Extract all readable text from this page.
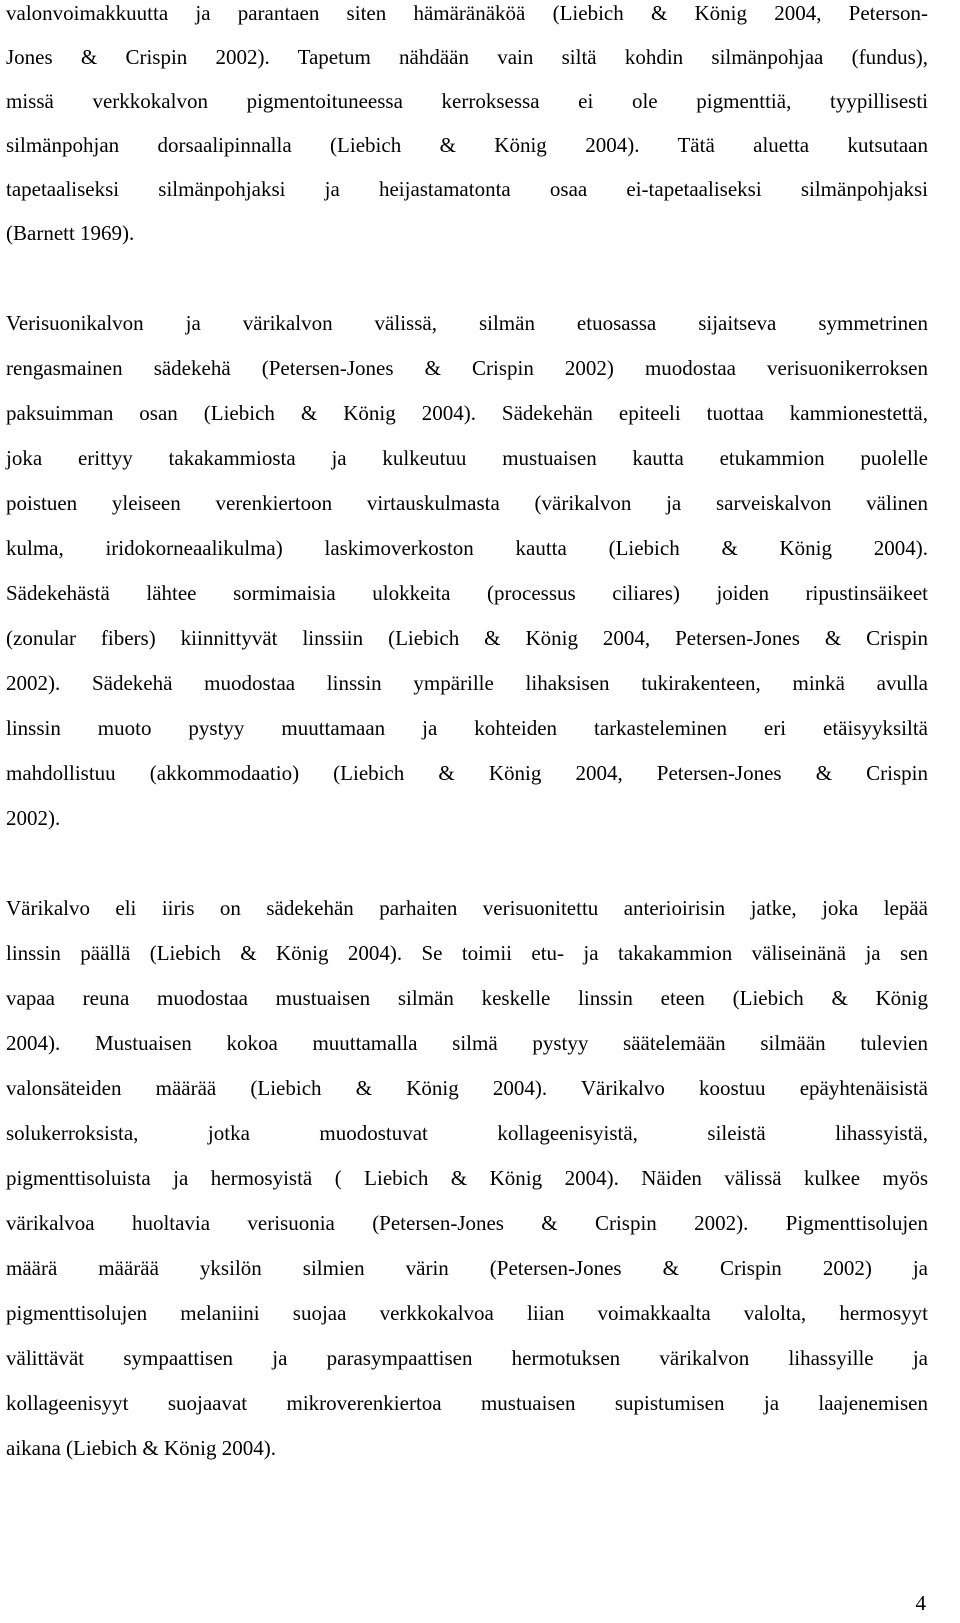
valonvoimakkuutta ja parantaen siten hämäränäköä (Liebich & König 2004, Peterson-
Jones & Crispin 2002). Tapetum nähdään vain siltä kohdin silmänpohjaa (fundus),
missä verkkokalvon pigmentoituneessa kerroksessa ei ole pigmenttiä, tyypillisesti
silmänpohjan dorsaalipinnalla (Liebich & König 2004). Tätä aluetta kutsutaan
tapetaaliseksi silmänpohjaksi ja heijastamatonta osaa ei-tapetaaliseksi silmänpohjaksi
(Barnett 1969).
Verisuonikalvon ja värikalvon välissä, silmän etuosassa sijaitseva symmetrinen
rengasmainen sädekehä (Petersen-Jones & Crispin 2002) muodostaa verisuonikerroksen
paksuimman osan (Liebich & König 2004). Sädekehän epiteeli tuottaa kammionestettä,
joka erittyy takakammiosta ja kulkeutuu mustuaisen kautta etukammion puolelle
poistuen yleiseen verenkiertoon virtauskulmasta (värikalvon ja sarveiskalvon välinen
kulma, iridokorneaalikulma) laskimoverkoston kautta (Liebich & König 2004).
Sädekehästä lähtee sormimaisia ulokkeita (processus ciliares) joiden ripustinsäikeet
(zonular fibers) kiinnittyvät linssiin (Liebich & König 2004, Petersen-Jones & Crispin
2002). Sädekehä muodostaa linssin ympärille lihaksisen tukirakenteen, minkä avulla
linssin muoto pystyy muuttamaan ja kohteiden tarkasteleminen eri etäisyyksiltä
mahdollistuu (akkommodaatio) (Liebich & König 2004, Petersen-Jones & Crispin
2002).
Värikalvo eli iiris on sädekehän parhaiten verisuonitettu anterioirisin jatke, joka lepää
linssin päällä (Liebich & König 2004). Se toimii etu- ja takakammion väliseinänä ja sen
vapaa reuna muodostaa mustuaisen silmän keskelle linssin eteen (Liebich & König
2004). Mustuaisen kokoa muuttamalla silmä pystyy säätelemään silmään tulevien
valonsäteiden määrää (Liebich & König 2004). Värikalvo koostuu epäyhtenäisistä
solukerroksista, jotka muodostuvat kollageenisyistä, sileistä lihassyistä,
pigmenttisoluista ja hermosyistä ( Liebich & König 2004). Näiden välissä kulkee myös
värikalvoa huoltavia verisuonia (Petersen-Jones & Crispin 2002). Pigmenttisolujen
määrä määrää yksilön silmien värin (Petersen-Jones & Crispin 2002) ja
pigmenttisolujen melaniini suojaa verkkokalvoa liian voimakkaalta valolta, hermosyyt
välittävät sympaattisen ja parasympaattisen hermotuksen värikalvon lihassyille ja
kollageenisyyt suojaavat mikroverenkiertoa mustuaisen supistumisen ja laajenemisen
aikana (Liebich & König 2004).
4
